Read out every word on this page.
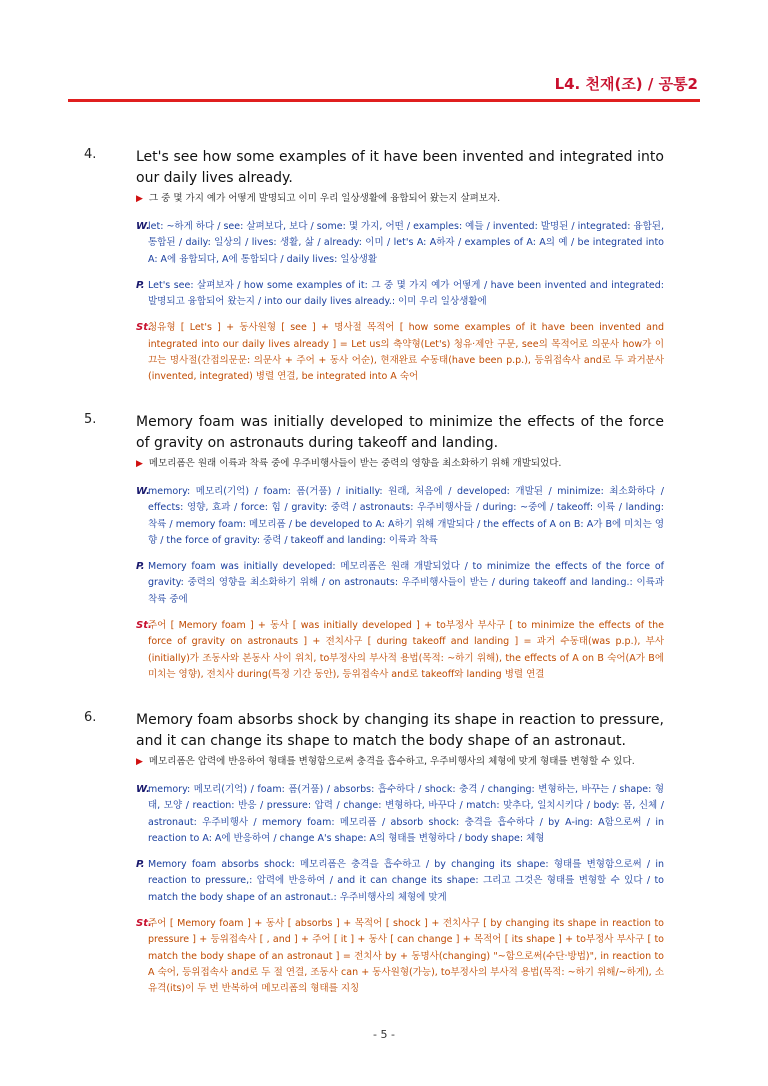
L4. 천재(조) / 공통2
4.	Let's see how some examples of it have been invented and integrated into our daily lives already.
▶ 그 중 몇 가지 예가 어떻게 발명되고 이미 우리 일상생활에 융합되어 왔는지 살펴보자.
W.
let: ~하게 하다 / see: 살펴보다, 보다 / some: 몇 가지, 어떤 / examples: 예들 / invented: 발명된 / integrated: 융합된, 통합된 / daily: 일상의 / lives: 생활, 삶 / already: 이미 / let's A: A하자 / examples of A: A의 예 / be integrated into A: A에 융합되다, A에 통합되다 / daily lives: 일상생활
P. Let's see: 살펴보자 / how some examples of it: 그 중 몇 가지 예가 어떻게 / have been invented and integrated: 발명되고 융합되어 왔는지 / into our daily lives already.: 이미 우리 일상생활에
St.
청유형 [ Let's ] + 동사원형 [ see ] + 명사절 목적어 [ how some examples of it have been invented and integrated into our daily lives already ] = Let us의 축약형(Let's) 청유·제안 구문, see의 목적어로 의문사 how가 이끄는 명사절(간접의문문: 의문사 + 주어 + 동사 어순), 현재완료 수동태(have been p.p.), 등위접속사 and로 두 과거분사(invented, integrated) 병렬 연결, be integrated into A 숙어
5.	Memory foam was initially developed to minimize the effects of the force of gravity on astronauts during takeoff and landing.
▶ 메모리폼은 원래 이륙과 착륙 중에 우주비행사들이 받는 중력의 영향을 최소화하기 위해 개발되었다.
W.
memory: 메모리(기억) / foam: 폼(거품) / initially: 원래, 처음에 / developed: 개발된 / minimize: 최소화하다 / effects: 영향, 효과 / force: 힘 / gravity: 중력 / astronauts: 우주비행사들 / during: ~중에 / takeoff: 이륙 / landing: 착륙 / memory foam: 메모리폼 / be developed to A: A하기 위해 개발되다 / the effects of A on B: A가 B에 미치는 영향 / the force of gravity: 중력 / takeoff and landing: 이륙과 착륙
P. Memory foam was initially developed: 메모리폼은 원래 개발되었다 / to minimize the effects of the force of gravity: 중력의 영향을 최소화하기 위해 / on astronauts: 우주비행사들이 받는 / during takeoff and landing.: 이륙과 착륙 중에
St.
주어 [ Memory foam ] + 동사 [ was initially developed ] + to부정사 부사구 [ to minimize the effects of the force of gravity on astronauts ] + 전치사구 [ during takeoff and landing ] = 과거 수동태(was p.p.), 부사(initially)가 조동사와 본동사 사이 위치, to부정사의 부사적 용법(목적: ~하기 위해), the effects of A on B 숙어(A가 B에 미치는 영향), 전치사 during(특정 기간 동안), 등위접속사 and로 takeoff와 landing 병렬 연결
6.	Memory foam absorbs shock by changing its shape in reaction to pressure, and it can change its shape to match the body shape of an astronaut.
▶ 메모리폼은 압력에 반응하여 형태를 변형함으로써 충격을 흡수하고, 우주비행사의 체형에 맞게 형태를 변형할 수 있다.
W.
memory: 메모리(기억) / foam: 폼(거품) / absorbs: 흡수하다 / shock: 충격 / changing: 변형하는, 바꾸는 / shape: 형태, 모양 / reaction: 반응 / pressure: 압력 / change: 변형하다, 바꾸다 / match: 맞추다, 일치시키다 / body: 몸, 신체 / astronaut: 우주비행사 / memory foam: 메모리폼 / absorb shock: 충격을 흡수하다 / by A-ing: A함으로써 / in reaction to A: A에 반응하여 / change A's shape: A의 형태를 변형하다 / body shape: 체형
P. Memory foam absorbs shock: 메모리폼은 충격을 흡수하고 / by changing its shape: 형태를 변형함으로써 / in reaction to pressure,: 압력에 반응하여 / and it can change its shape: 그리고 그것은 형태를 변형할 수 있다 / to match the body shape of an astronaut.: 우주비행사의 체형에 맞게
St.
주어 [ Memory foam ] + 동사 [ absorbs ] + 목적어 [ shock ] + 전치사구 [ by changing its shape in reaction to pressure ] + 등위접속사 [ , and ] + 주어 [ it ] + 동사 [ can change ] + 목적어 [ its shape ] + to부정사 부사구 [ to match the body shape of an astronaut ] = 전치사 by + 동명사(changing) "~함으로써(수단·방법)", in reaction to A 숙어, 등위접속사 and로 두 절 연결, 조동사 can + 동사원형(가능), to부정사의 부사적 용법(목적: ~하기 위해/~하게), 소유격(its)이 두 번 반복하여 메모리폼의 형태를 지칭
- 5 -
